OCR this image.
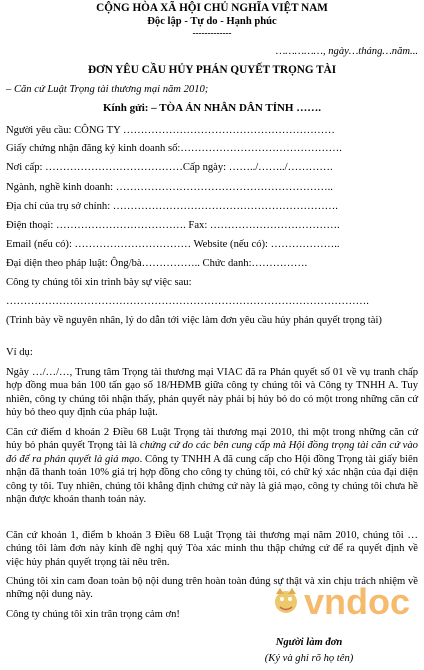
CỘNG HÒA XÃ HỘI CHỦ NGHĨA VIỆT NAM
Độc lập - Tự do - Hạnh phúc
-------------
……………, ngày…tháng…năm...
ĐƠN YÊU CẦU HỦY PHÁN QUYẾT TRỌNG TÀI
– Căn cứ Luật Trọng tài thương mại năm 2010;
Kính gửi: – TÒA ÁN NHÂN DÂN TỈNH …….
Người yêu cầu: CÔNG TY ……………………………………………………
Giấy chứng nhận đăng ký kinh doanh số:……………………………………….
Nơi cấp: …………………………………Cấp ngày: ……../……../………….
Ngành, nghề kinh doanh: ……………………………………………………..
Địa chỉ của trụ sở chính: ……………………………………………………….
Điện thoại: ………………………………. Fax: ……………………………….
Email (nếu có): …………………………… Website (nếu có): ………………..
Đại diện theo pháp luật: Ông/bà…………….. Chức danh:…………….
Công ty chúng tôi xin trình bày sự việc sau:
………………………………………………………………………………………….
(Trình bày về nguyên nhân, lý do dẫn tới việc làm đơn yêu cầu hủy phán quyết trọng tài)
Ví dụ:
Ngày …/…/…, Trung tâm Trọng tài thương mại VIAC đã ra Phán quyết số 01 về vụ tranh chấp hợp đồng mua bán 100 tấn gạo số 18/HĐMB giữa công ty chúng tôi và Công ty TNHH A. Tuy nhiên, công ty chúng tôi nhận thấy, phán quyết này phải bị hủy bỏ do có một trong những căn cứ hủy bỏ theo quy định của pháp luật.
Căn cứ điểm d khoản 2 Điều 68 Luật Trọng tài thương mại 2010, thì một trong những căn cứ hủy bỏ phán quyết Trọng tài là chứng cứ do các bên cung cấp mà Hội đồng trọng tài căn cứ vào đó để ra phán quyết là giả mạo. Công ty TNHH A đã cung cấp cho Hội đồng Trọng tài giấy biên nhận đã thanh toán 10% giá trị hợp đồng cho công ty chúng tôi, có chữ ký xác nhận của đại diện công ty tôi. Tuy nhiên, chúng tôi khẳng định chứng cứ này là giả mạo, công ty chúng tôi chưa hề nhận được khoản thanh toán này.
Căn cứ khoản 1, điểm b khoản 3 Điều 68 Luật Trọng tài thương mại năm 2010, chúng tôi … chúng tôi làm đơn này kính đề nghị quý Tòa xác minh thu thập chứng cứ để ra quyết định về việc hủy phán quyết trọng tài nêu trên.
Chúng tôi xin cam đoan toàn bộ nội dung trên hoàn toàn đúng sự thật và xin chịu trách nhiệm về những nội dung này.
Công ty chúng tôi xin trân trọng cảm ơn!	vndoc
Người làm đơn
(Ký và ghi rõ họ tên)
